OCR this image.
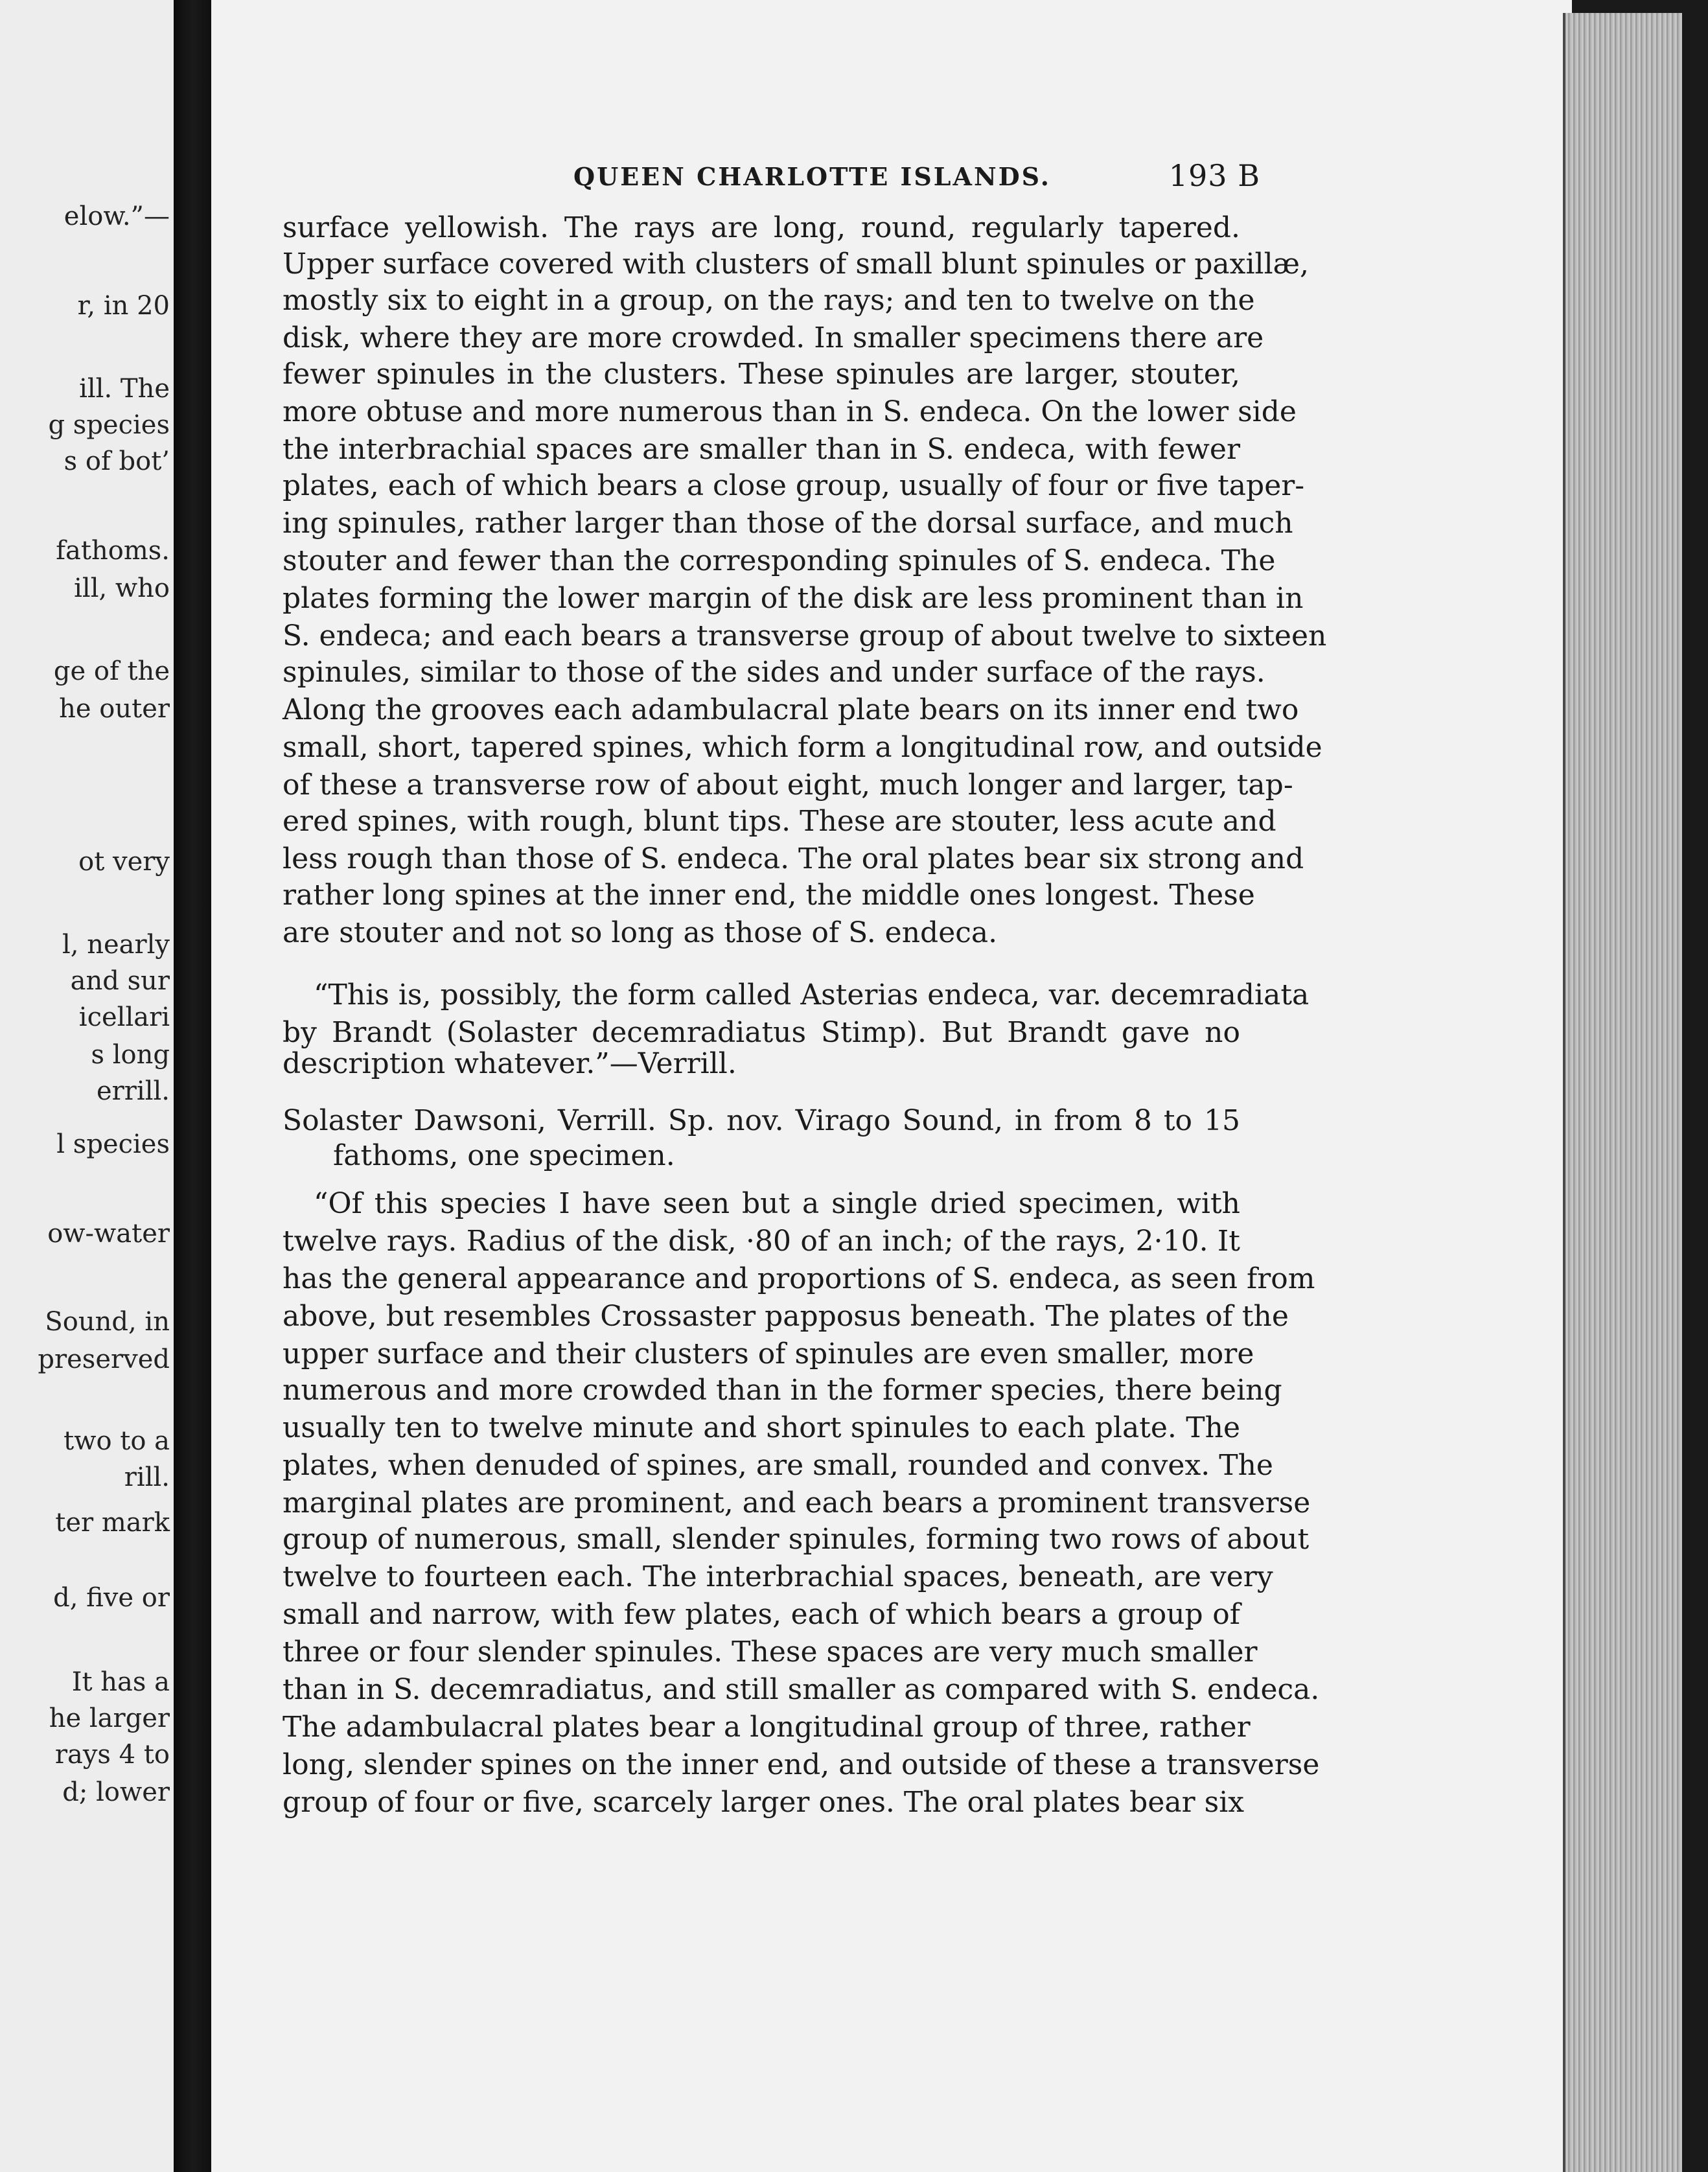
elow.”—
r, in 20
ill. The
g species
s of bot’
fathoms.
ill, who
ge of the
he outer
ot very
l, nearly
and sur
icellari
s long
errill.
l species
ow-water
Sound, in
preserved
two to a
rill.
ter mark
d, five or
It has a
he larger
rays 4 to
d; lower
QUEEN CHARLOTTE ISLANDS.	193 B
surface yellowish. The rays are long, round, regularly tapered.
Upper surface covered with clusters of small blunt spinules or paxillæ,
mostly six to eight in a group, on the rays; and ten to twelve on the
disk, where they are more crowded. In smaller specimens there are
fewer spinules in the clusters. These spinules are larger, stouter,
more obtuse and more numerous than in S. endeca. On the lower side
the interbrachial spaces are smaller than in S. endeca, with fewer
plates, each of which bears a close group, usually of four or five taper-
ing spinules, rather larger than those of the dorsal surface, and much
stouter and fewer than the corresponding spinules of S. endeca. The
plates forming the lower margin of the disk are less prominent than in
S. endeca; and each bears a transverse group of about twelve to sixteen
spinules, similar to those of the sides and under surface of the rays.
Along the grooves each adambulacral plate bears on its inner end two
small, short, tapered spines, which form a longitudinal row, and outside
of these a transverse row of about eight, much longer and larger, tap-
ered spines, with rough, blunt tips. These are stouter, less acute and
less rough than those of S. endeca. The oral plates bear six strong and
rather long spines at the inner end, the middle ones longest. These
are stouter and not so long as those of S. endeca.
“This is, possibly, the form called Asterias endeca, var. decemradiata
by Brandt (Solaster decemradiatus Stimp). But Brandt gave no
description whatever.”—Verrill.
Solaster Dawsoni, Verrill. Sp. nov. Virago Sound, in from 8 to 15
fathoms, one specimen.
“Of this species I have seen but a single dried specimen, with
twelve rays. Radius of the disk, ·80 of an inch; of the rays, 2·10. It
has the general appearance and proportions of S. endeca, as seen from
above, but resembles Crossaster papposus beneath. The plates of the
upper surface and their clusters of spinules are even smaller, more
numerous and more crowded than in the former species, there being
usually ten to twelve minute and short spinules to each plate. The
plates, when denuded of spines, are small, rounded and convex. The
marginal plates are prominent, and each bears a prominent transverse
group of numerous, small, slender spinules, forming two rows of about
twelve to fourteen each. The interbrachial spaces, beneath, are very
small and narrow, with few plates, each of which bears a group of
three or four slender spinules. These spaces are very much smaller
than in S. decemradiatus, and still smaller as compared with S. endeca.
The adambulacral plates bear a longitudinal group of three, rather
long, slender spines on the inner end, and outside of these a transverse
group of four or five, scarcely larger ones. The oral plates bear six
